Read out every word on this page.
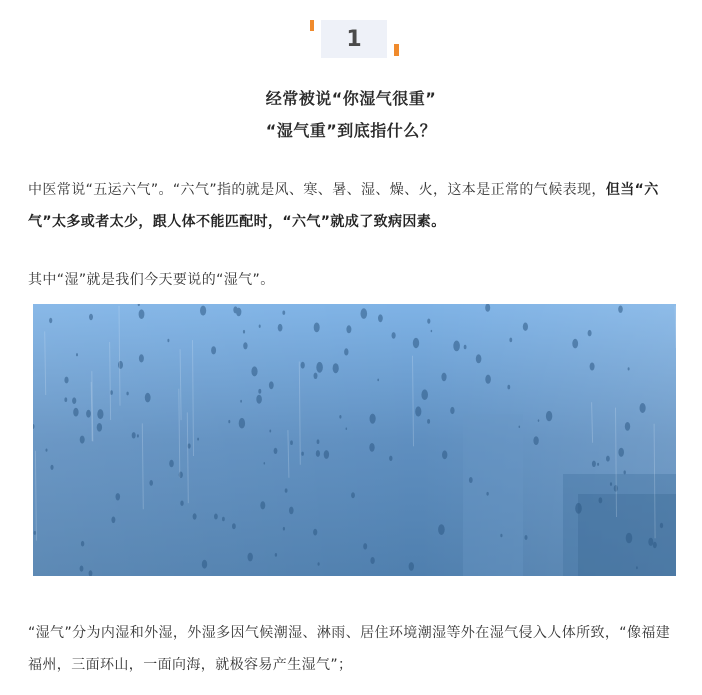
1
经常被说“你湿气很重”
“湿气重”到底指什么？
中医常说“五运六气”。“六气”指的就是风、寒、暑、湿、燥、火，这本是正常的气候表现，但当“六气”太多或者太少，跟人体不能匹配时，“六气”就成了致病因素。
其中“湿”就是我们今天要说的“湿气”。
“湿气”分为内湿和外湿，外湿多因气候潮湿、淋雨、居住环境潮湿等外在湿气侵入人体所致，“像福建福州，三面环山，一面向海，就极容易产生湿气”；
